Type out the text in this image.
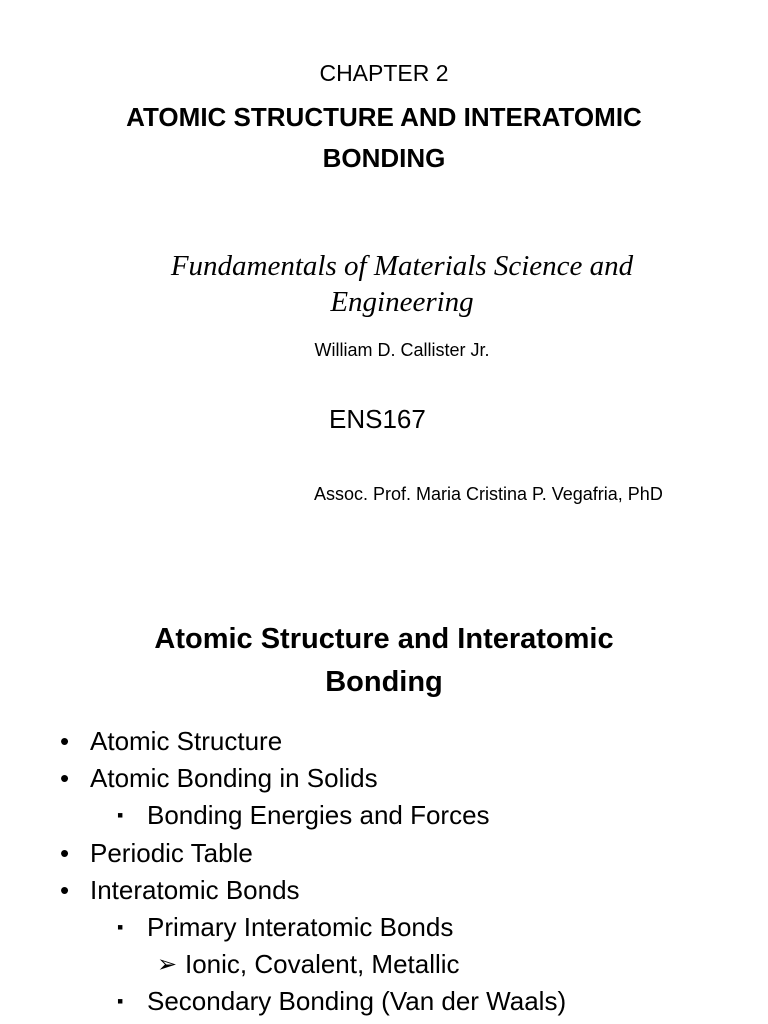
CHAPTER 2
ATOMIC STRUCTURE AND INTERATOMIC
BONDING
Fundamentals of Materials Science and
Engineering
William D. Callister Jr.
ENS167
Assoc. Prof. Maria Cristina P. Vegafria, PhD
Atomic Structure and Interatomic
Bonding
• Atomic Structure
• Atomic Bonding in Solids
▪ Bonding Energies and Forces
• Periodic Table
• Interatomic Bonds
▪ Primary Interatomic Bonds
➢ Ionic, Covalent, Metallic
▪ Secondary Bonding (Van der Waals)
